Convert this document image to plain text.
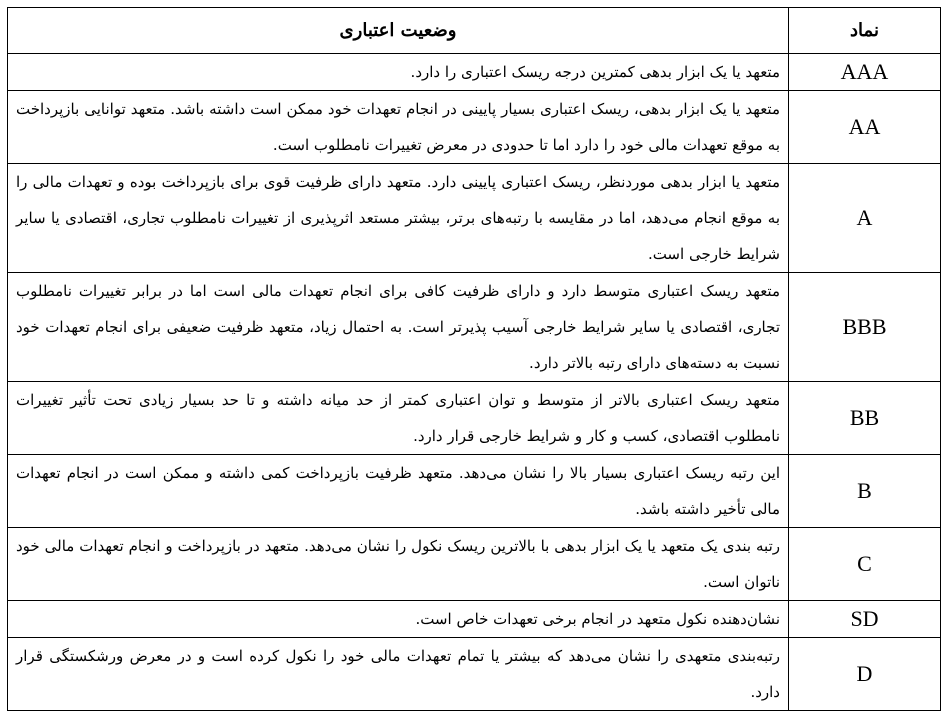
نماد	وضعیت اعتباری
AAA	متعهد یا یک ابزار بدهی کمترین درجه ریسک اعتباری را دارد.
AA	متعهد یا یک ابزار بدهی، ریسک اعتباری بسیار پایینی در انجام تعهدات خود ممکن است داشته باشد. متعهد توانایی بازپرداخت به موقع تعهدات مالی خود را دارد اما تا حدودی در معرض تغییرات نامطلوب است.
A	متعهد یا ابزار بدهی موردنظر، ریسک اعتباری پایینی دارد. متعهد دارای ظرفیت قوی برای بازپرداخت بوده و تعهدات مالی را به موقع انجام می‌دهد، اما در مقایسه با رتبه‌های برتر، بیشتر مستعد اثرپذیری از تغییرات نامطلوب تجاری، اقتصادی یا سایر شرایط خارجی است.
BBB	متعهد ریسک اعتباری متوسط دارد و دارای ظرفیت کافی برای انجام تعهدات مالی است اما در برابر تغییرات نامطلوب تجاری، اقتصادی یا سایر شرایط خارجی آسیب پذیرتر است. به احتمال زیاد، متعهد ظرفیت ضعیفی برای انجام تعهدات خود نسبت به دسته‌های دارای رتبه بالاتر دارد.
BB	متعهد ریسک اعتباری بالاتر از متوسط و توان اعتباری کمتر از حد میانه داشته و تا حد بسیار زیادی تحت تأثیر تغییرات نامطلوب اقتصادی، کسب و کار و شرایط خارجی قرار دارد.
B	این رتبه ریسک اعتباری بسیار بالا را نشان می‌دهد. متعهد ظرفیت بازپرداخت کمی داشته و ممکن است در انجام تعهدات مالی تأخیر داشته باشد.
C	رتبه بندی یک متعهد یا یک ابزار بدهی با بالاترین ریسک نکول را نشان می‌دهد. متعهد در بازپرداخت و انجام تعهدات مالی خود ناتوان است.
SD	نشان‌دهنده نکول متعهد در انجام برخی تعهدات خاص است.
D	رتبه‌بندی متعهدی را نشان می‌دهد که بیشتر یا تمام تعهدات مالی خود را نکول کرده است و در معرض ورشکستگی قرار دارد.
